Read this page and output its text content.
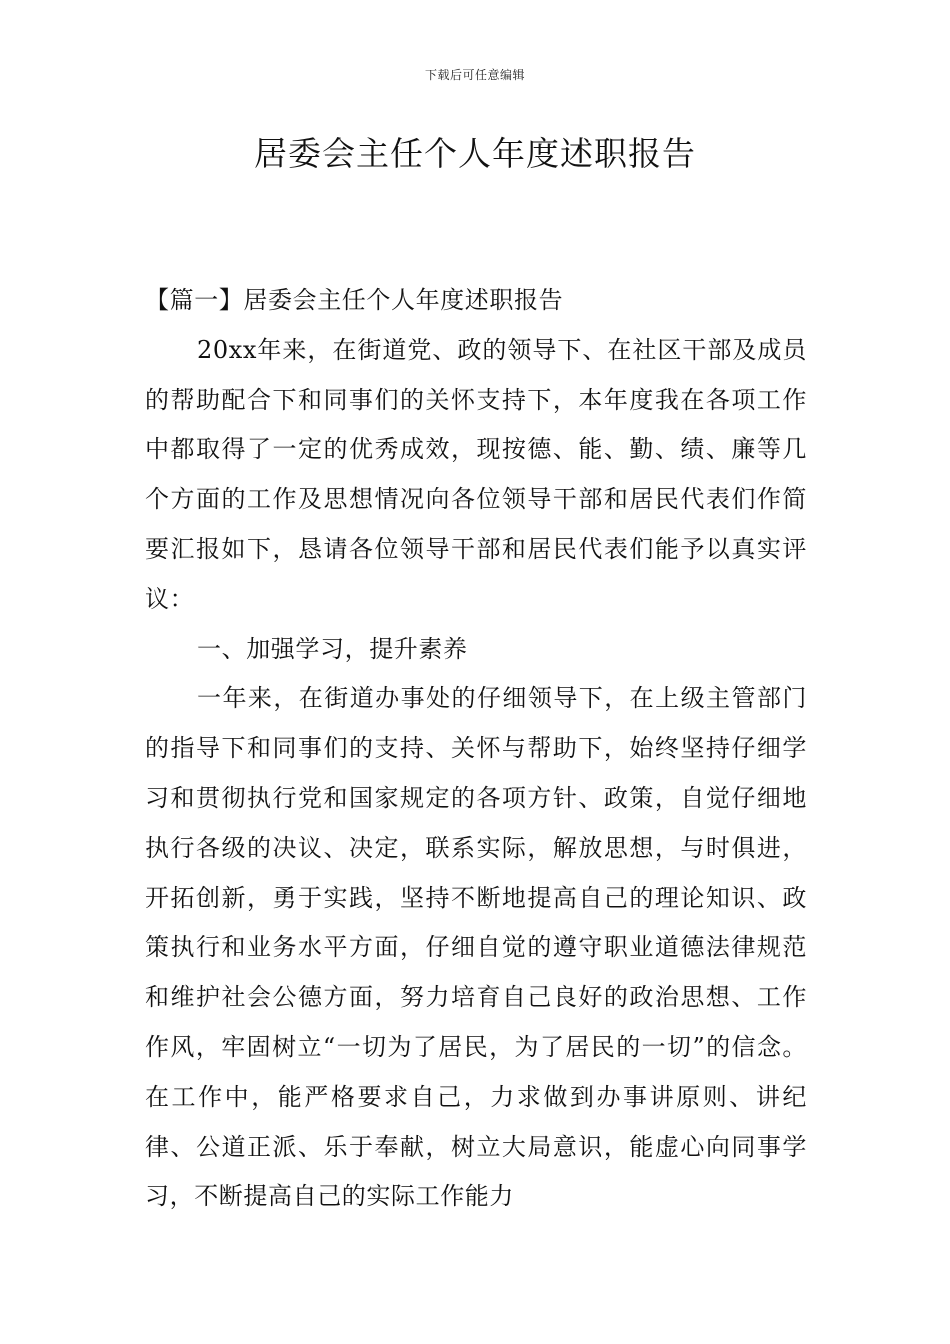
下载后可任意编辑
居委会主任个人年度述职报告

【篇一】居委会主任个人年度述职报告

20xx年来，在街道党、政的领导下、在社区干部及成员的帮助配合下和同事们的关怀支持下，本年度我在各项工作中都取得了一定的优秀成效，现按德、能、勤、绩、廉等几个方面的工作及思想情况向各位领导干部和居民代表们作简要汇报如下，恳请各位领导干部和居民代表们能予以真实评议：

一、加强学习，提升素养

一年来，在街道办事处的仔细领导下，在上级主管部门的指导下和同事们的支持、关怀与帮助下，始终坚持仔细学习和贯彻执行党和国家规定的各项方针、政策，自觉仔细地执行各级的决议、决定，联系实际，解放思想，与时俱进，开拓创新，勇于实践，坚持不断地提高自己的理论知识、政策执行和业务水平方面，仔细自觉的遵守职业道德法律规范和维护社会公德方面，努力培育自己良好的政治思想、工作作风，牢固树立“一切为了居民，为了居民的一切”的信念。在工作中，能严格要求自己，力求做到办事讲原则、讲纪律、公道正派、乐于奉献，树立大局意识，能虚心向同事学习，不断提高自己的实际工作能力
